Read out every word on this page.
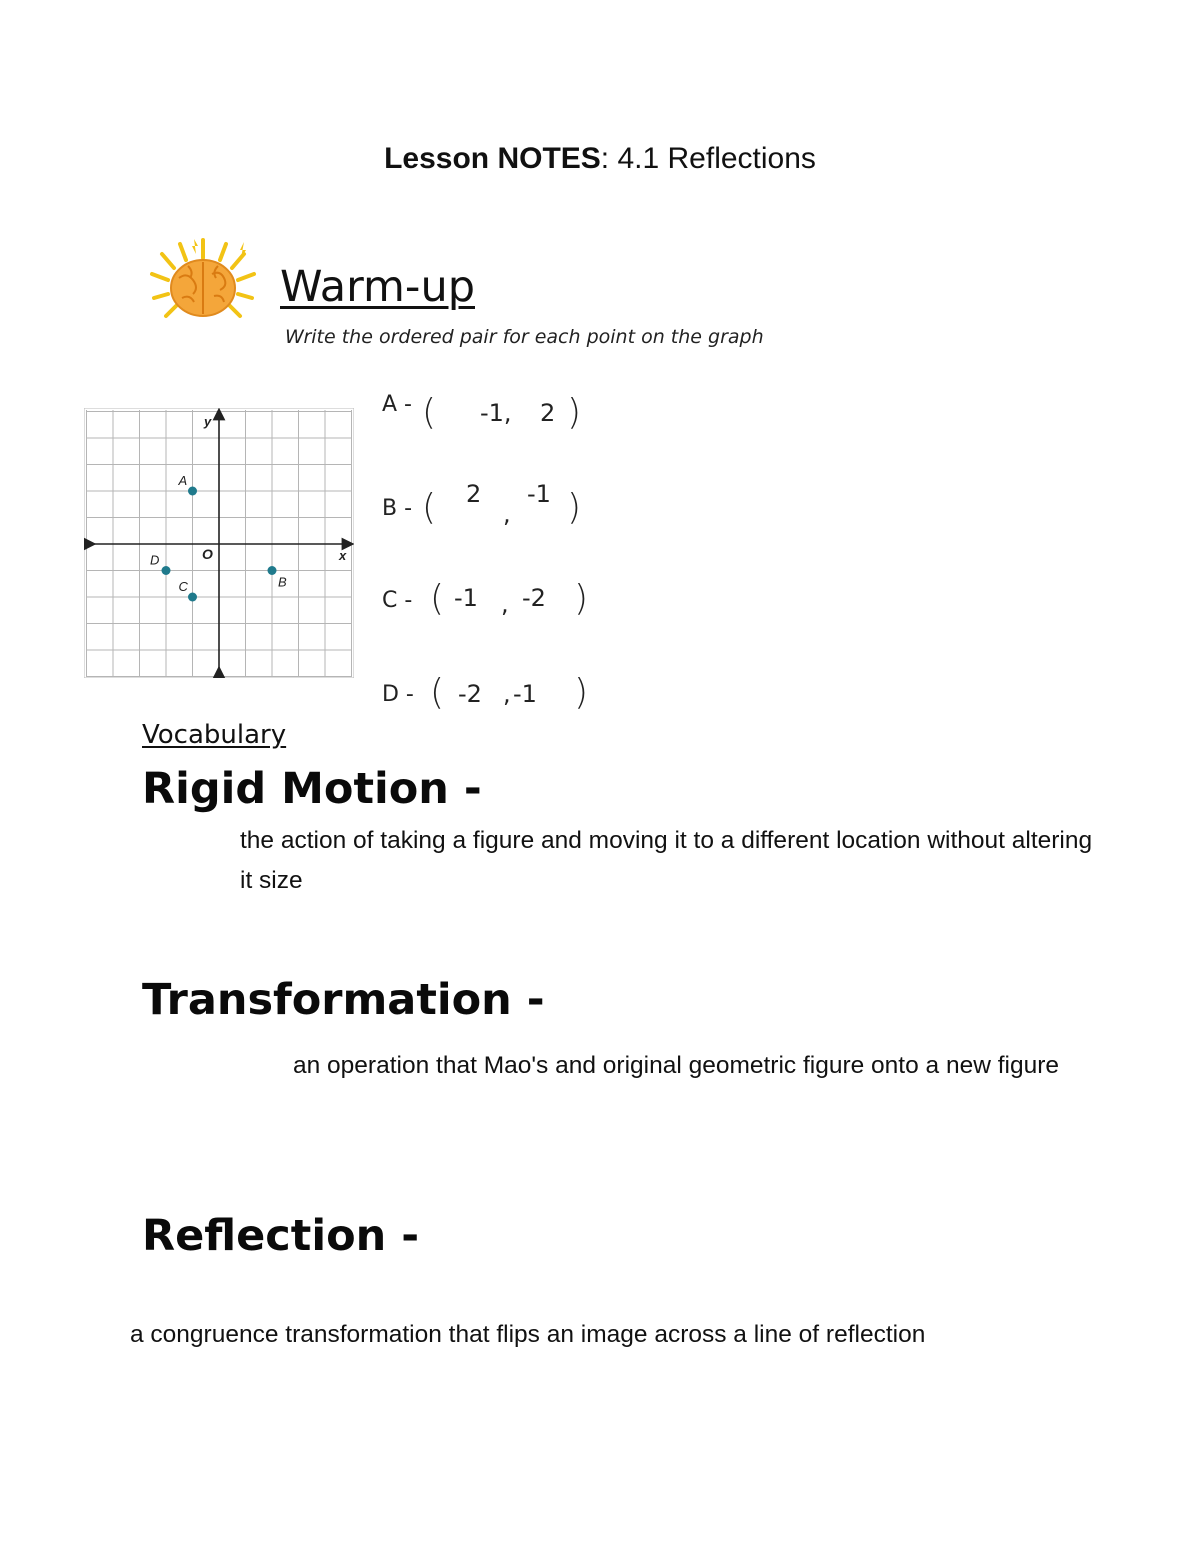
Lesson NOTES: 4.1 Reflections
Warm-up
Write the ordered pair for each point on the graph
y
x
O
A
B
C
D
A - ( -1, 2 )
B - ( 2
,
-1 )
C - ( -1 , -2 )
D - ( -2 , -1 )
Vocabulary
Rigid Motion -
the action of taking a figure and moving it to a different location without altering
it size
Transformation -
an operation that Mao's and original geometric figure onto a new figure
Reflection -
a congruence transformation that flips an image across a line of reflection
